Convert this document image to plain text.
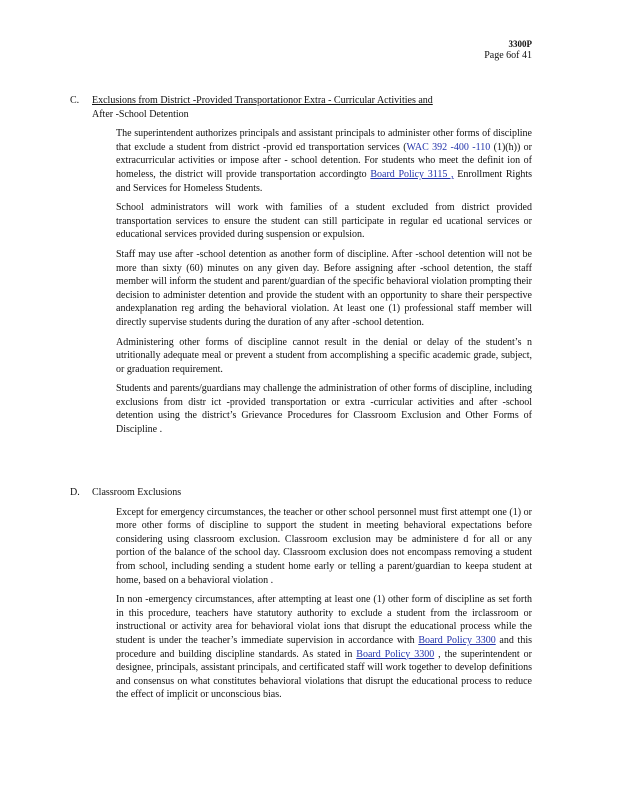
3300P
Page 6of 41
C. Exclusions from District -Provided Transportationor Extra - Curricular Activities and
After -School Detention

The superintendent authorizes principals and assistant principals to administer other forms of discipline that exclude a student from district -provid ed transportation services (WAC 392 -400 -110 (1)(h)) or extracurricular activities or impose after - school detention. For students who meet the definit ion of homeless, the district will provide transportation accordingto Board Policy 3115 , Enrollment Rights and Services for Homeless Students.

School administrators will work with families of a student excluded from district provided transportation services to ensure the student can still participate in regular ed ucational services or educational services provided during suspension or expulsion.

Staff may use after -school detention as another form of discipline. After -school detention will not be more than sixty (60) minutes on any given day. Before assigning after -school detention, the staff member will inform the student and parent/guardian of the specific behavioral violation prompting their decision to administer detention and provide the student with an opportunity to share their perspective andexplanation reg arding the behavioral violation. At least one (1) professional staff member will directly supervise students during the duration of any after -school detention.

Administering other forms of discipline cannot result in the denial or delay of the student’s n utritionally adequate meal or prevent a student from accomplishing a specific academic grade, subject, or graduation requirement.

Students and parents/guardians may challenge the administration of other forms of discipline, including exclusions from distr ict -provided transportation or extra -curricular activities and after -school detention using the district’s Grievance Procedures for Classroom Exclusion and Other Forms of Discipline .

D. Classroom Exclusions

Except for emergency circumstances, the teacher or other school personnel must first attempt one (1) or more other forms of discipline to support the student in meeting behavioral expectations before considering using classroom exclusion. Classroom exclusion may be administere d for all or any portion of the balance of the school day. Classroom exclusion does not encompass removing a student from school, including sending a student home early or telling a parent/guardian to keepa student at home, based on a behavioral violation .

In non -emergency circumstances, after attempting at least one (1) other form of discipline as set forth in this procedure, teachers have statutory authority to exclude a student from the irclassroom or instructional or activity area for behavioral violat ions that disrupt the educational process while the student is under the teacher’s immediate supervision in accordance with Board Policy 3300 and this procedure and building discipline standards. As stated in Board Policy 3300 , the superintendent or designee, principals, assistant principals, and certificated staff will work together to develop definitions and consensus on what constitutes behavioral violations that disrupt the educational process to reduce the effect of implicit or unconscious bias.
